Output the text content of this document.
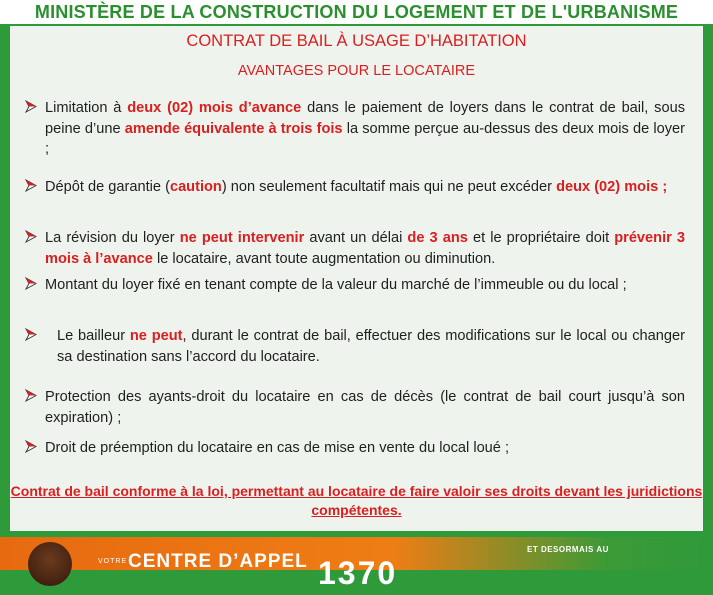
MINISTÈRE DE LA CONSTRUCTION DU LOGEMENT ET DE L'URBANISME
CONTRAT DE BAIL À USAGE D’HABITATION
AVANTAGES POUR LE LOCATAIRE
Limitation à deux (02) mois d’avance dans le paiement de loyers dans le contrat de bail, sous peine d’une amende équivalente à trois fois la somme perçue au-dessus des deux mois de loyer ;
Dépôt de garantie (caution) non seulement facultatif mais qui ne peut excéder deux (02) mois ;
La révision du loyer ne peut intervenir avant un délai de 3 ans et le propriétaire doit prévenir 3 mois à l’avance le locataire, avant toute augmentation ou diminution.
Montant du loyer fixé en tenant compte de la valeur du marché de l’immeuble ou du local ;
Le bailleur ne peut, durant le contrat de bail, effectuer des modifications sur le local ou changer sa destination sans l’accord du locataire.
Protection des ayants-droit du locataire en cas de décès (le contrat de bail court jusqu’à son expiration) ;
Droit de préemption du locataire en cas de mise en vente du local loué ;
Contrat de bail conforme à la loi, permettant au locataire de faire valoir ses droits devant les juridictions compétentes.
VOTRE CENTRE D’APPEL 1370
ET DESORMAIS AU
